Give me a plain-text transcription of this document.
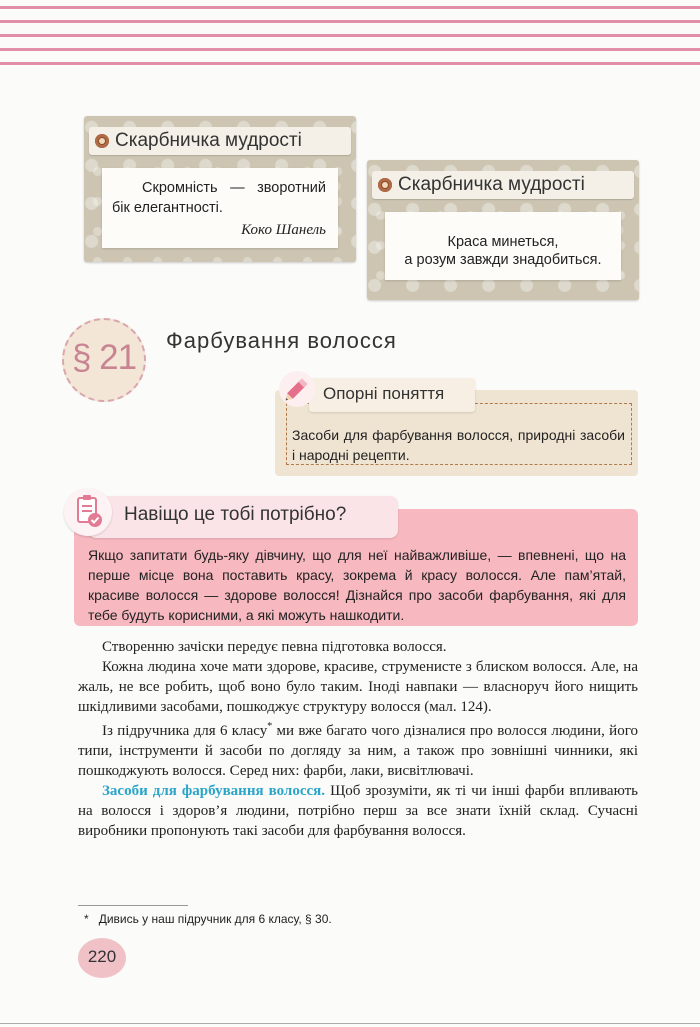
Скарбничка мудрості
Скромність — зворотний бік елегантності.
Коко Шанель
Скарбничка мудрості
Краса минеться,
а розум завжди знадобиться.
§ 21	Фарбування волосся
Опорні поняття
Засоби для фарбування волосся, природні засоби і народні рецепти.
Навіщо це тобі потрібно?
Якщо запитати будь-яку дівчину, що для неї найважливіше, — впевнені, що на перше місце вона поставить красу, зокрема й красу волосся. Але пам’ятай, красиве волосся — здорове волосся! Дізнайся про засоби фарбування, які для тебе будуть корисними, а які можуть нашкодити.

Створенню зачіски передує певна підготовка волосся.

Кожна людина хоче мати здорове, красиве, струменисте з блиском волосся. Але, на жаль, не все робить, щоб воно було таким. Іноді навпаки — власноруч його нищить шкідливими засобами, пошкоджує структуру волосся (мал. 124).

Із підручника для 6 класу* ми вже багато чого дізналися про волосся людини, його типи, інструменти й засоби по догляду за ним, а також про зовнішні чинники, які пошкоджують волосся. Серед них: фарби, лаки, висвітлювачі.

Засоби для фарбування волосся. Щоб зрозуміти, як ті чи інші фарби впливають на волосся і здоров’я людини, потрібно перш за все знати їхній склад. Сучасні виробники пропонують такі засоби для фарбування волосся.

* Дивись у наш підручник для 6 класу, § 30.
220
